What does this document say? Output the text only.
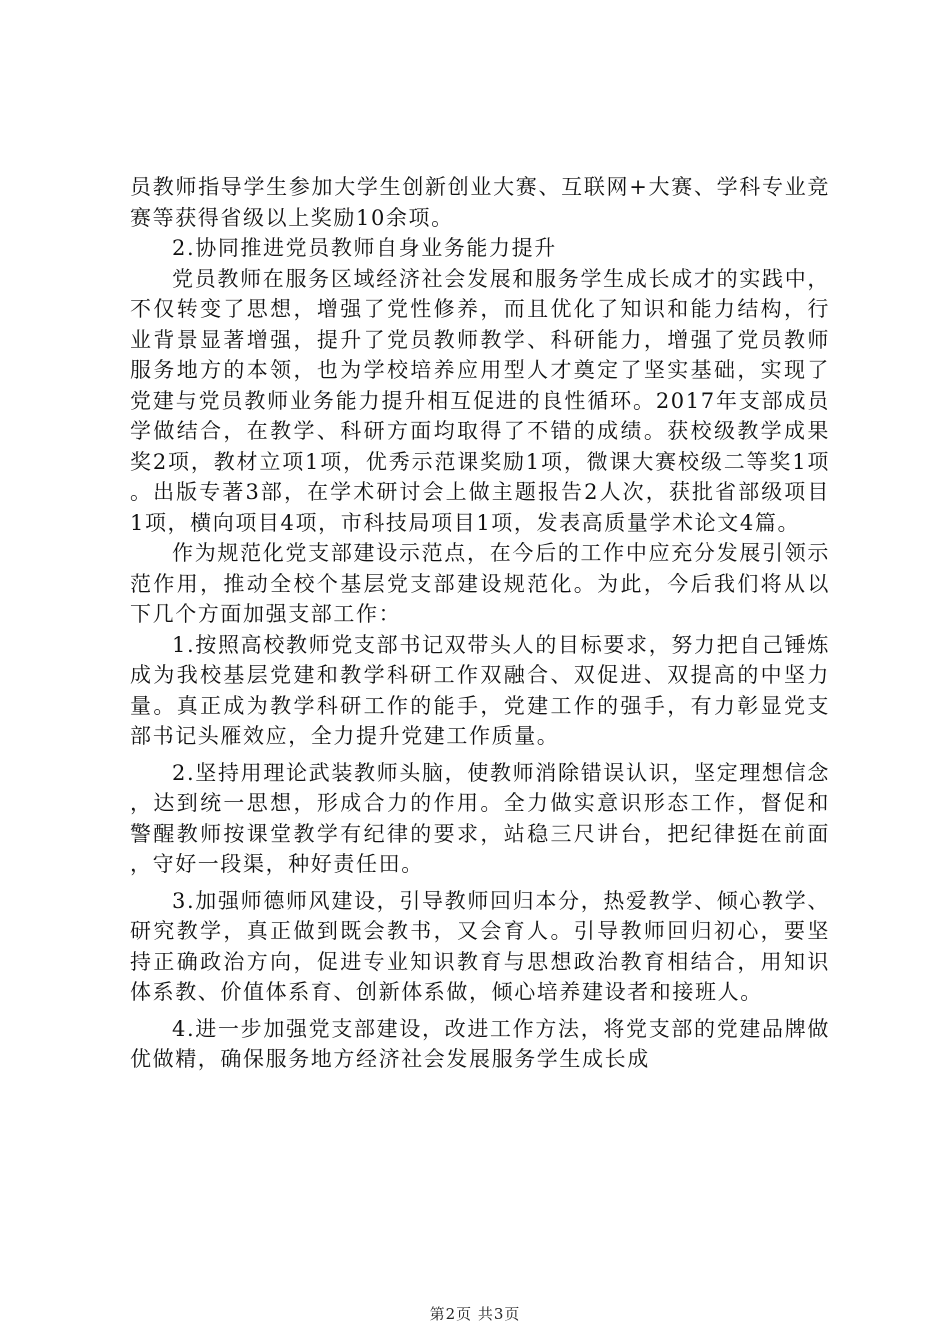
员教师指导学生参加大学生创新创业大赛、互联网+大赛、学科专业竞赛等获得省级以上奖励10余项。

2.协同推进党员教师自身业务能力提升

党员教师在服务区域经济社会发展和服务学生成长成才的实践中，不仅转变了思想，增强了党性修养，而且优化了知识和能力结构，行业背景显著增强，提升了党员教师教学、科研能力，增强了党员教师服务地方的本领，也为学校培养应用型人才奠定了坚实基础，实现了党建与党员教师业务能力提升相互促进的良性循环。2017年支部成员学做结合，在教学、科研方面均取得了不错的成绩。获校级教学成果奖2项，教材立项1项，优秀示范课奖励1项，微课大赛校级二等奖1项。出版专著3部，在学术研讨会上做主题报告2人次，获批省部级项目1项，横向项目4项，市科技局项目1项，发表高质量学术论文4篇。

作为规范化党支部建设示范点，在今后的工作中应充分发展引领示范作用，推动全校个基层党支部建设规范化。为此，今后我们将从以下几个方面加强支部工作：

1.按照高校教师党支部书记双带头人的目标要求，努力把自己锤炼成为我校基层党建和教学科研工作双融合、双促进、双提高的中坚力量。真正成为教学科研工作的能手，党建工作的强手，有力彰显党支部书记头雁效应，全力提升党建工作质量。

2.坚持用理论武装教师头脑，使教师消除错误认识，坚定理想信念，达到统一思想，形成合力的作用。全力做实意识形态工作，督促和警醒教师按课堂教学有纪律的要求，站稳三尺讲台，把纪律挺在前面，守好一段渠，种好责任田。

3.加强师德师风建设，引导教师回归本分，热爱教学、倾心教学、研究教学，真正做到既会教书，又会育人。引导教师回归初心，要坚持正确政治方向，促进专业知识教育与思想政治教育相结合，用知识体系教、价值体系育、创新体系做，倾心培养建设者和接班人。

4.进一步加强党支部建设，改进工作方法，将党支部的党建品牌做优做精，确保服务地方经济社会发展服务学生成长成

第2页 共3页
